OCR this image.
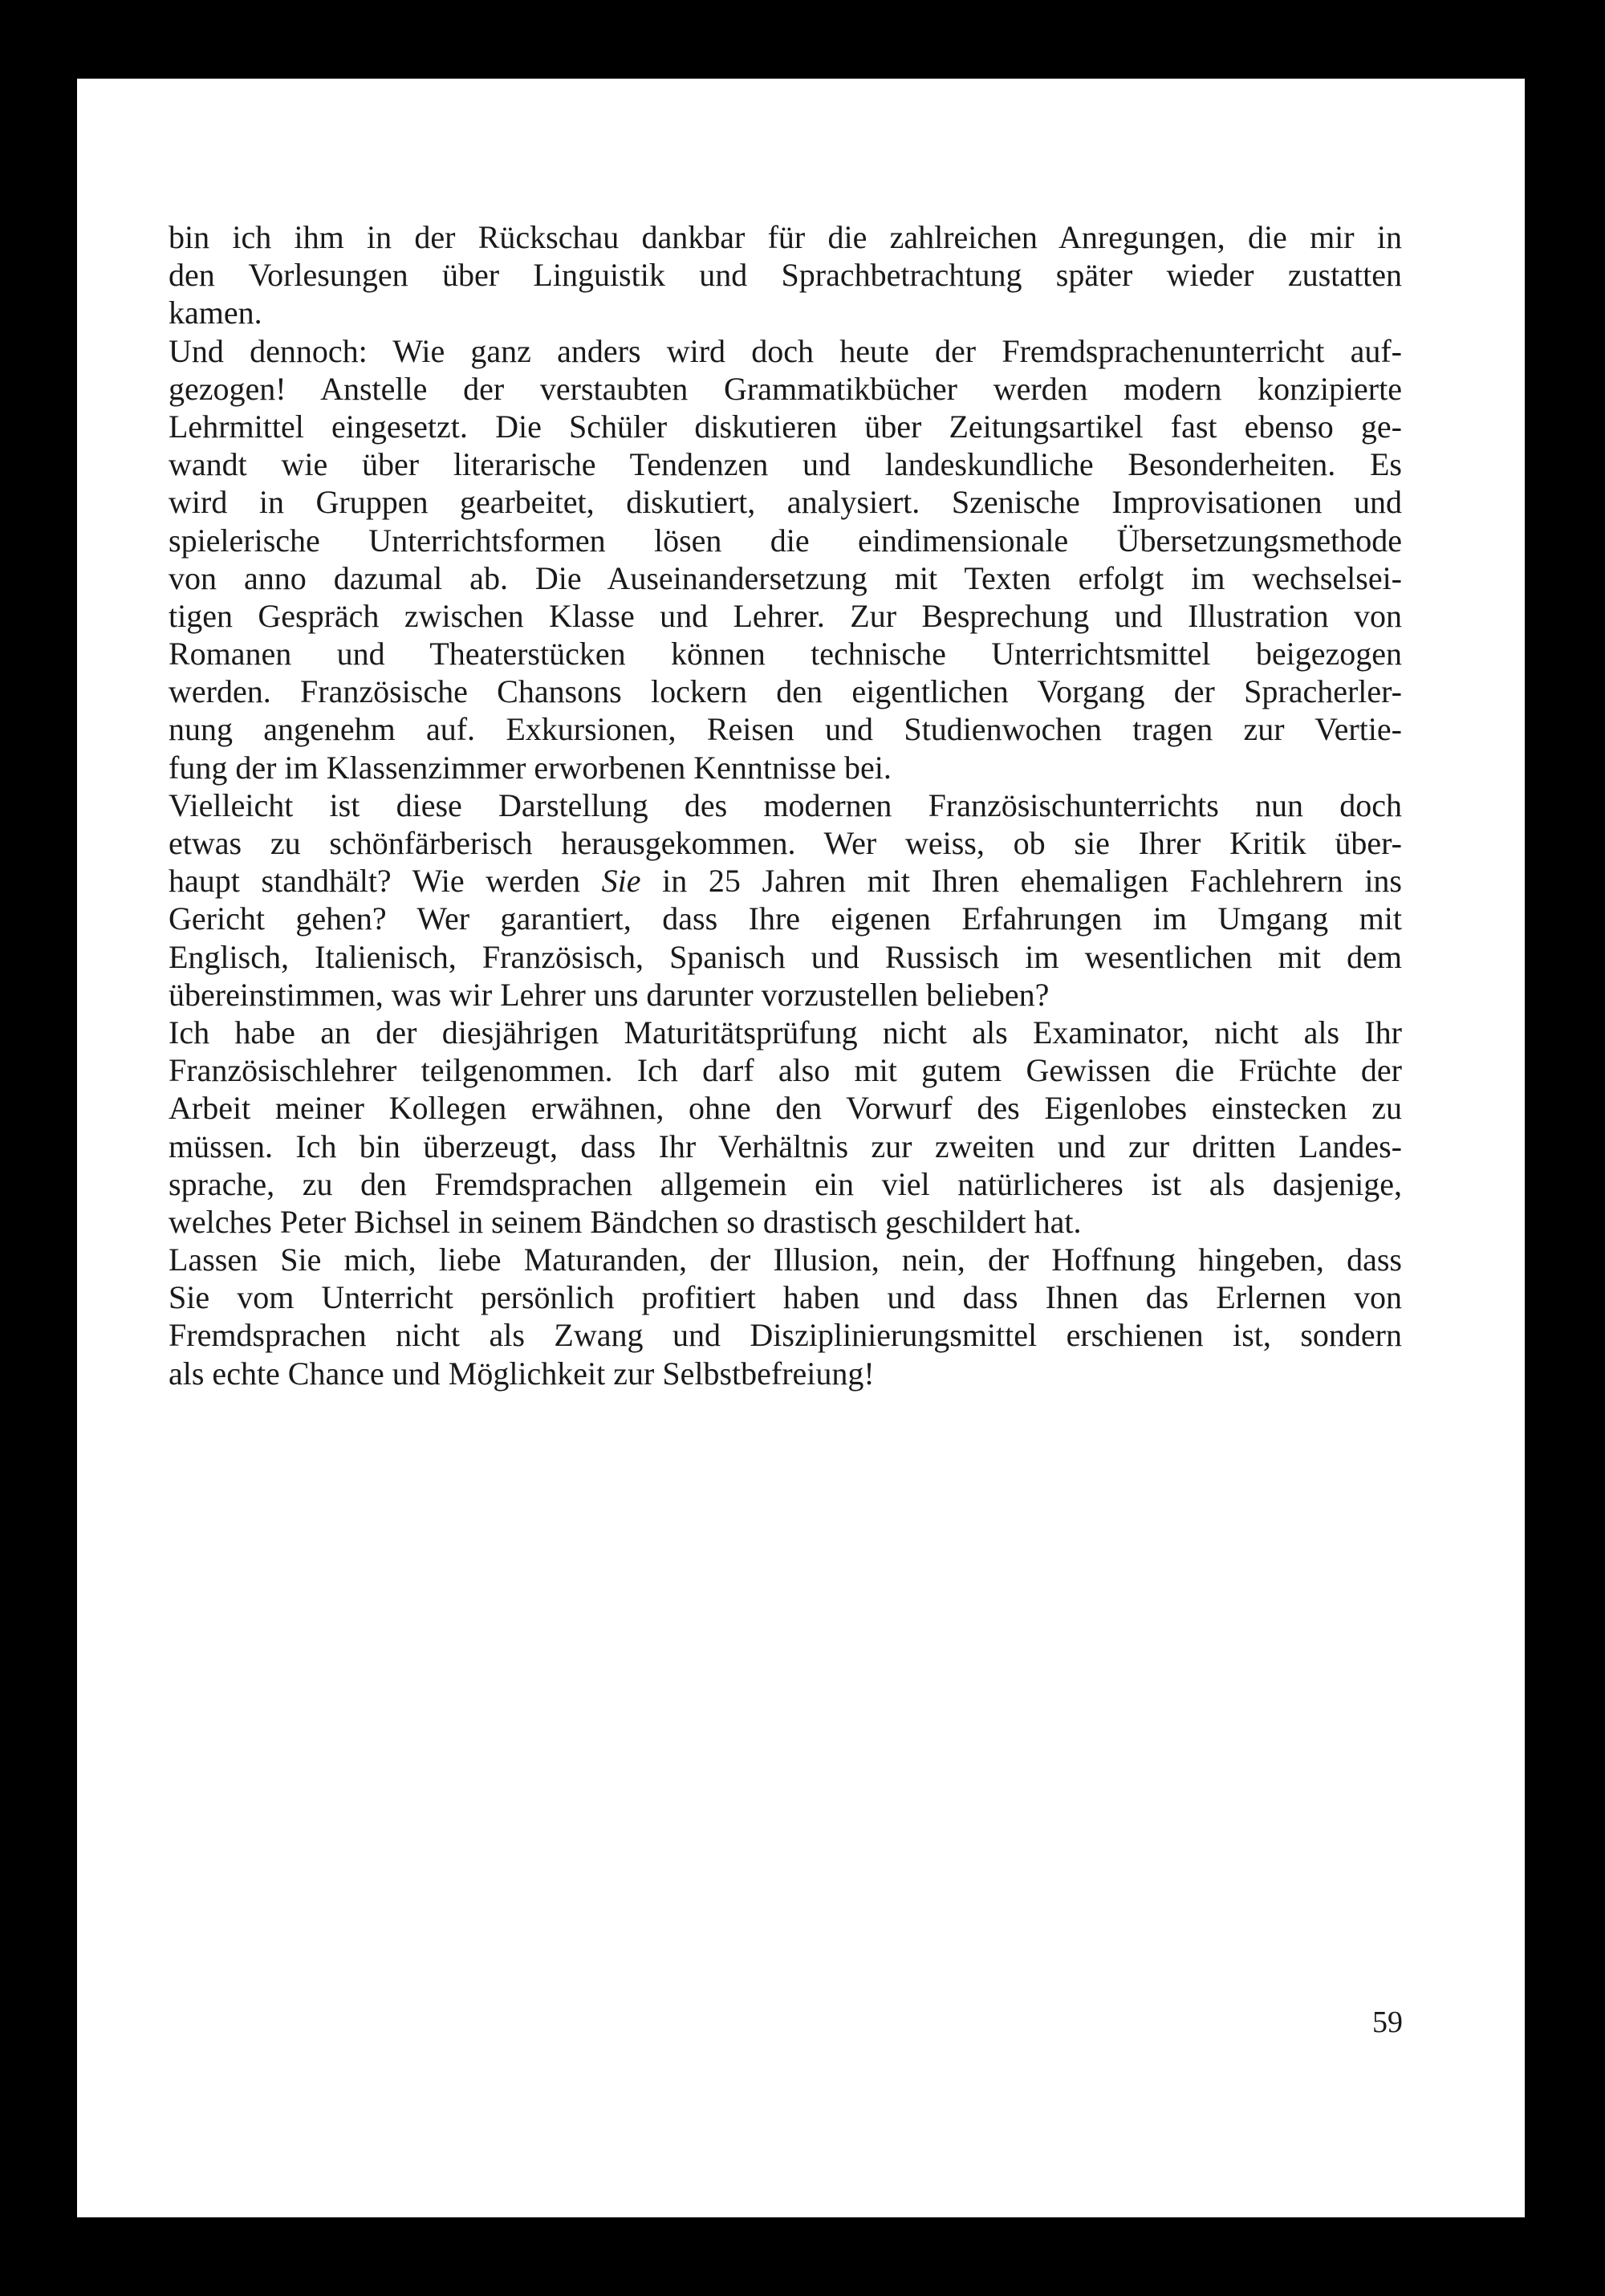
bin ich ihm in der Rückschau dankbar für die zahlreichen Anregungen, die mir in
den Vorlesungen über Linguistik und Sprachbetrachtung später wieder zustatten
kamen.
Und dennoch: Wie ganz anders wird doch heute der Fremdsprachenunterricht auf-
gezogen! Anstelle der verstaubten Grammatikbücher werden modern konzipierte
Lehrmittel eingesetzt. Die Schüler diskutieren über Zeitungsartikel fast ebenso ge-
wandt wie über literarische Tendenzen und landeskundliche Besonderheiten. Es
wird in Gruppen gearbeitet, diskutiert, analysiert. Szenische Improvisationen und
spielerische Unterrichtsformen lösen die eindimensionale Übersetzungsmethode
von anno dazumal ab. Die Auseinandersetzung mit Texten erfolgt im wechselsei-
tigen Gespräch zwischen Klasse und Lehrer. Zur Besprechung und Illustration von
Romanen und Theaterstücken können technische Unterrichtsmittel beigezogen
werden. Französische Chansons lockern den eigentlichen Vorgang der Spracherler-
nung angenehm auf. Exkursionen, Reisen und Studienwochen tragen zur Vertie-
fung der im Klassenzimmer erworbenen Kenntnisse bei.
Vielleicht ist diese Darstellung des modernen Französischunterrichts nun doch
etwas zu schönfärberisch herausgekommen. Wer weiss, ob sie Ihrer Kritik über-
haupt standhält? Wie werden Sie in 25 Jahren mit Ihren ehemaligen Fachlehrern ins
Gericht gehen? Wer garantiert, dass Ihre eigenen Erfahrungen im Umgang mit
Englisch, Italienisch, Französisch, Spanisch und Russisch im wesentlichen mit dem
übereinstimmen, was wir Lehrer uns darunter vorzustellen belieben?
Ich habe an der diesjährigen Maturitätsprüfung nicht als Examinator, nicht als Ihr
Französischlehrer teilgenommen. Ich darf also mit gutem Gewissen die Früchte der
Arbeit meiner Kollegen erwähnen, ohne den Vorwurf des Eigenlobes einstecken zu
müssen. Ich bin überzeugt, dass Ihr Verhältnis zur zweiten und zur dritten Landes-
sprache, zu den Fremdsprachen allgemein ein viel natürlicheres ist als dasjenige,
welches Peter Bichsel in seinem Bändchen so drastisch geschildert hat.
Lassen Sie mich, liebe Maturanden, der Illusion, nein, der Hoffnung hingeben, dass
Sie vom Unterricht persönlich profitiert haben und dass Ihnen das Erlernen von
Fremdsprachen nicht als Zwang und Disziplinierungsmittel erschienen ist, sondern
als echte Chance und Möglichkeit zur Selbstbefreiung!
59
